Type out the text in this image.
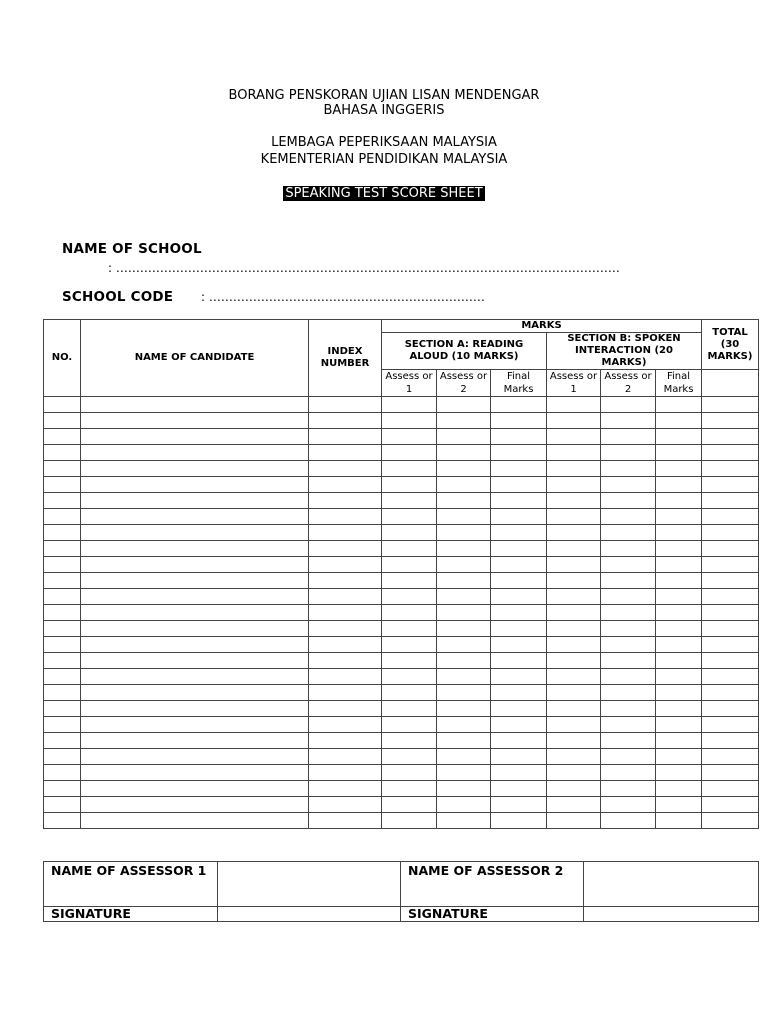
BORANG PENSKORAN UJIAN LISAN MENDENGAR
BAHASA INGGERIS
LEMBAGA PEPERIKSAAN MALAYSIA
KEMENTERIAN PENDIDIKAN MALAYSIA
SPEAKING TEST SCORE SHEET
NAME OF SCHOOL
: ………………………………………………………………………………………………………………
SCHOOL CODE : ……………………………………………………………
NO.	NAME OF CANDIDATE	INDEX NUMBER	MARKS						TOTAL (30 MARKS)
			SECTION A: READING ALOUD (10 MARKS)			SECTION B: SPOKEN INTERACTION (20 MARKS)			
			Assess or 1	Assess or 2	Final Marks	Assess or 1	Assess or 2	Final Marks	

NAME OF ASSESSOR 1		NAME OF ASSESSOR 2	
SIGNATURE		SIGNATURE	
